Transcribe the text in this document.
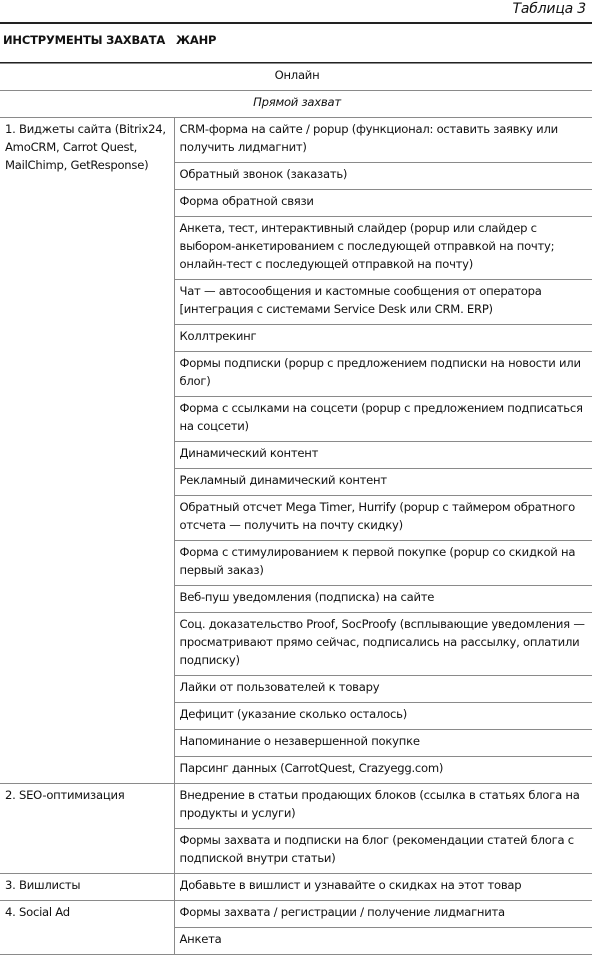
Таблица 3
ИНСТРУМЕНТЫ ЗАХВАТА ЖАНР
Онлайн	
Прямой захват	
1. Виджеты сайта (Bitrix24, AmoCRM, Carrot Quest, MailChimp, GetResponse)	CRM-форма на сайте / popup (функционал: оставить заявку или получить лидмагнит)
	Обратный звонок (заказать)
	Форма обратной связи
	Анкета, тест, интерактивный слайдер (popup или слайдер с выбором-анкетированием с последующей отправкой на почту; онлайн-тест с последующей отправкой на почту)
	Чат — автосообщения и кастомные сообщения от оператора [интеграция с системами Service Desk или CRM. ERP)
	Коллтрекинг
	Формы подписки (popup с предложением подписки на новости или блог)
	Форма с ссылками на соцсети (popup с предложением подписаться на соцсети)
	Динамический контент
	Рекламный динамический контент
	Обратный отсчет Mega Timer, Hurrify (popup с таймером обратного отсчета — получить на почту скидку)
	Форма с стимулированием к первой покупке (popup со скидкой на первый заказ)
	Веб-пуш уведомления (подписка) на сайте
	Соц. доказательство Proof, SocProofy (всплывающие уведомления — просматривают прямо сейчас, подписались на рассылку, оплатили подписку)
	Лайки от пользователей к товару
	Дефицит (указание сколько осталось)
	Напоминание о незавершенной покупке
	Парсинг данных (CarrotQuest, Crazyegg.com)
2. SEO-оптимизация	Внедрение в статьи продающих блоков (ссылка в статьях блога на продукты и услуги)
	Формы захвата и подписки на блог (рекомендации статей блога с подпиской внутри статьи)
3. Вишлисты	Добавьте в вишлист и узнавайте о скидках на этот товар
4. Social Ad	Формы захвата / регистрации / получение лидмагнита
	Анкета
